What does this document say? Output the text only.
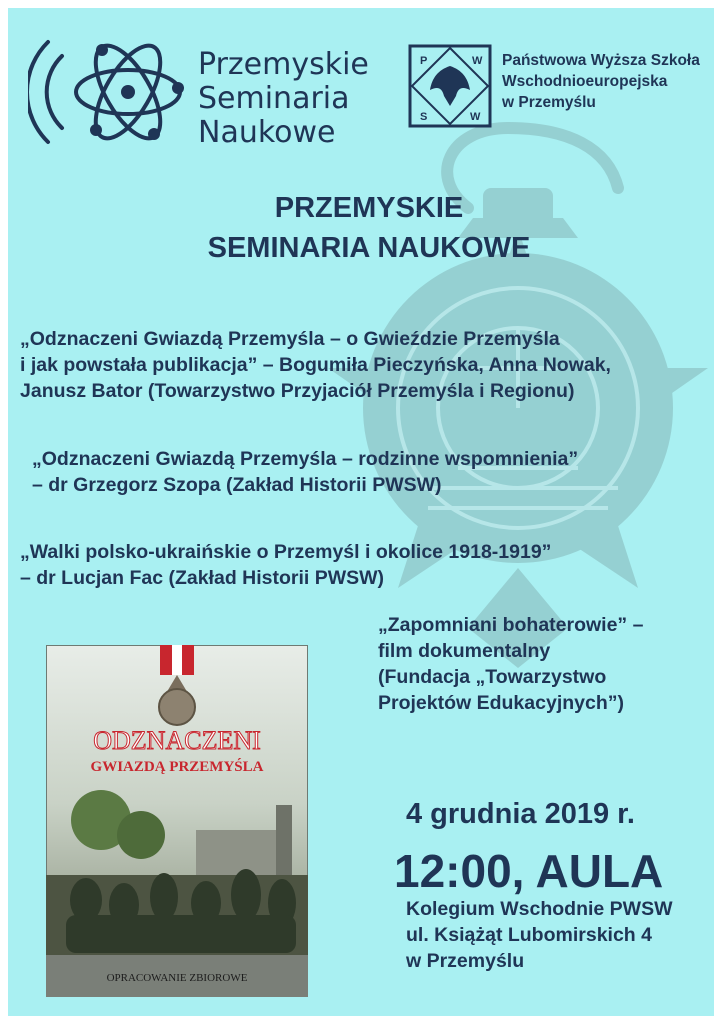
Przemyskie
Seminaria
Naukowe
P	W
S	W
Państwowa Wyższa Szkoła
Wschodnioeuropejska
w Przemyślu
PRZEMYSKIE
SEMINARIA NAUKOWE
„Odznaczeni Gwiazdą Przemyśla – o Gwieździe Przemyśla
i jak powstała publikacja” – Bogumiła Pieczyńska, Anna Nowak,
Janusz Bator (Towarzystwo Przyjaciół Przemyśla i Regionu)
„Odznaczeni Gwiazdą Przemyśla – rodzinne wspomnienia”
– dr Grzegorz Szopa (Zakład Historii PWSW)
„Walki polsko-ukraińskie o Przemyśl i okolice 1918-1919”
– dr Lucjan Fac (Zakład Historii PWSW)
„Zapomniani bohaterowie” –
film dokumentalny
(Fundacja „Towarzystwo
Projektów Edukacyjnych”)
ODZNACZENI
GWIAZDĄ PRZEMYŚLA
OPRACOWANIE ZBIOROWE
4 grudnia 2019 r.
12:00, AULA
Kolegium Wschodnie PWSW
ul. Książąt Lubomirskich 4
w Przemyślu
